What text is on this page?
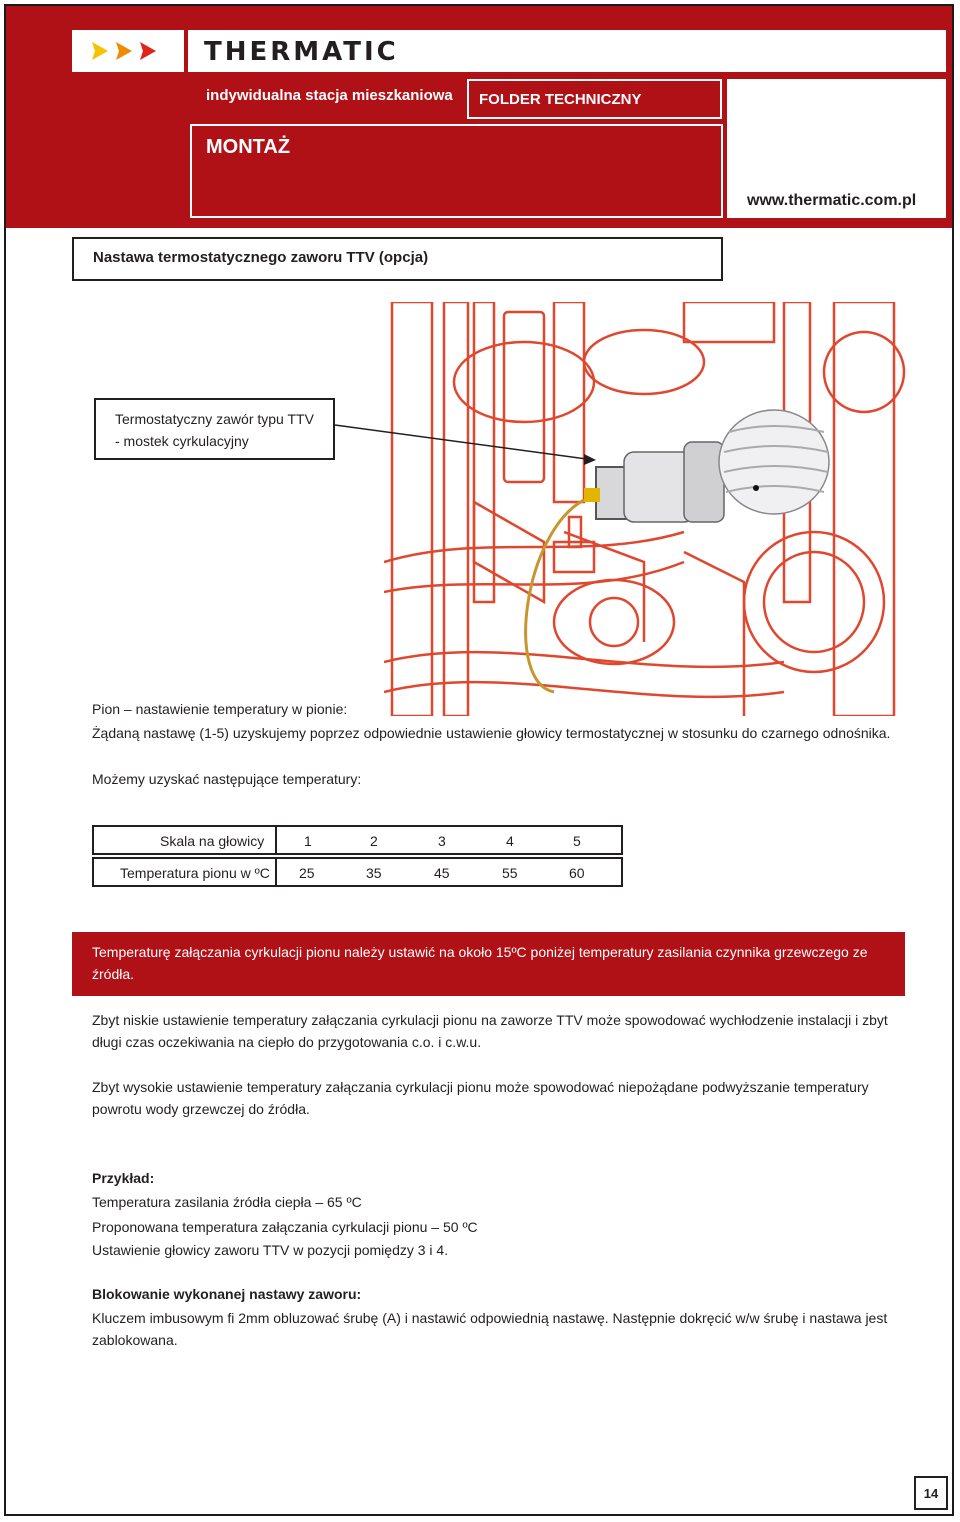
THERMATIC
indywidualna stacja mieszkaniowa FOLDER TECHNICZNY
www.thermatic.com.pl
MONTAŻ
Nastawa termostatycznego zaworu TTV (opcja)
Termostatyczny zawór typu TTV
- mostek cyrkulacyjny
Pion – nastawienie temperatury w pionie:
Żądaną nastawę (1-5) uzyskujemy poprzez odpowiednie ustawienie głowicy termostatycznej w stosunku do czarnego odnośnika.
Możemy uzyskać następujące temperatury:
Skala na głowicy	1	2	3	4	5
Temperatura pionu w ºC 25	35	45	55	60
Temperaturę załączania cyrkulacji pionu należy ustawić na około 15ºC poniżej temperatury zasilania czynnika grzewczego ze źródła.
Zbyt niskie ustawienie temperatury załączania cyrkulacji pionu na zaworze TTV może spowodować wychłodzenie instalacji i zbyt długi czas oczekiwania na ciepło do przygotowania c.o. i c.w.u.
Zbyt wysokie ustawienie temperatury załączania cyrkulacji pionu może spowodować niepożądane podwyższanie temperatury powrotu wody grzewczej do źródła.
Przykład:
Temperatura zasilania źródła ciepła – 65 ºC
Proponowana temperatura załączania cyrkulacji pionu – 50 ºC
Ustawienie głowicy zaworu TTV w pozycji pomiędzy 3 i 4.
Blokowanie wykonanej nastawy zaworu:
Kluczem imbusowym fi 2mm obluzować śrubę (A) i nastawić odpowiednią nastawę. Następnie dokręcić w/w śrubę i nastawa jest zablokowana.
14
